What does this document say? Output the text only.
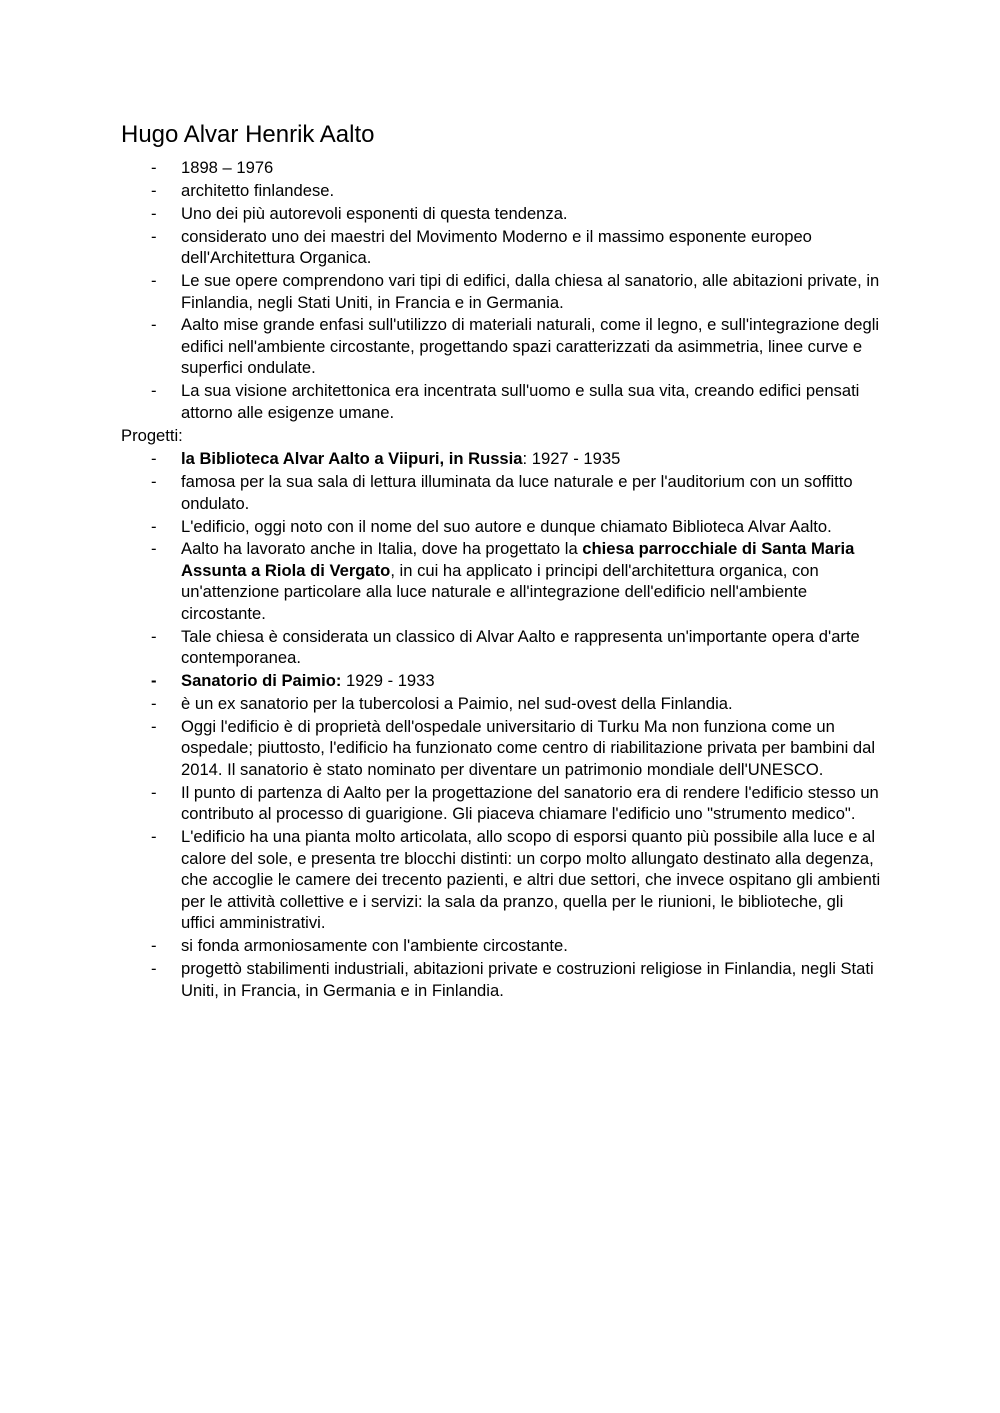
Hugo Alvar Henrik Aalto
- 1898 – 1976
- architetto finlandese.
- Uno dei più autorevoli esponenti di questa tendenza.
- considerato uno dei maestri del Movimento Moderno e il massimo esponente europeo dell'Architettura Organica.
- Le sue opere comprendono vari tipi di edifici, dalla chiesa al sanatorio, alle abitazioni private, in Finlandia, negli Stati Uniti, in Francia e in Germania.
- Aalto mise grande enfasi sull'utilizzo di materiali naturali, come il legno, e sull'integrazione degli edifici nell'ambiente circostante, progettando spazi caratterizzati da asimmetria, linee curve e superfici ondulate.
- La sua visione architettonica era incentrata sull'uomo e sulla sua vita, creando edifici pensati attorno alle esigenze umane.
Progetti:
- la Biblioteca Alvar Aalto a Viipuri, in Russia: 1927 - 1935
- famosa per la sua sala di lettura illuminata da luce naturale e per l'auditorium con un soffitto ondulato.
- L'edificio, oggi noto con il nome del suo autore e dunque chiamato Biblioteca Alvar Aalto.
- Aalto ha lavorato anche in Italia, dove ha progettato la chiesa parrocchiale di Santa Maria Assunta a Riola di Vergato, in cui ha applicato i principi dell'architettura organica, con un'attenzione particolare alla luce naturale e all'integrazione dell'edificio nell'ambiente circostante.
- Tale chiesa è considerata un classico di Alvar Aalto e rappresenta un'importante opera d'arte contemporanea.
- Sanatorio di Paimio: 1929 - 1933
- è un ex sanatorio per la tubercolosi a Paimio, nel sud-ovest della Finlandia.
- Oggi l'edificio è di proprietà dell'ospedale universitario di Turku Ma non funziona come un ospedale; piuttosto, l'edificio ha funzionato come centro di riabilitazione privata per bambini dal 2014. Il sanatorio è stato nominato per diventare un patrimonio mondiale dell'UNESCO.
- Il punto di partenza di Aalto per la progettazione del sanatorio era di rendere l'edificio stesso un contributo al processo di guarigione. Gli piaceva chiamare l'edificio uno "strumento medico".
- L'edificio ha una pianta molto articolata, allo scopo di esporsi quanto più possibile alla luce e al calore del sole, e presenta tre blocchi distinti: un corpo molto allungato destinato alla degenza, che accoglie le camere dei trecento pazienti, e altri due settori, che invece ospitano gli ambienti per le attività collettive e i servizi: la sala da pranzo, quella per le riunioni, le biblioteche, gli uffici amministrativi.
- si fonda armoniosamente con l'ambiente circostante.
- progettò stabilimenti industriali, abitazioni private e costruzioni religiose in Finlandia, negli Stati Uniti, in Francia, in Germania e in Finlandia.
